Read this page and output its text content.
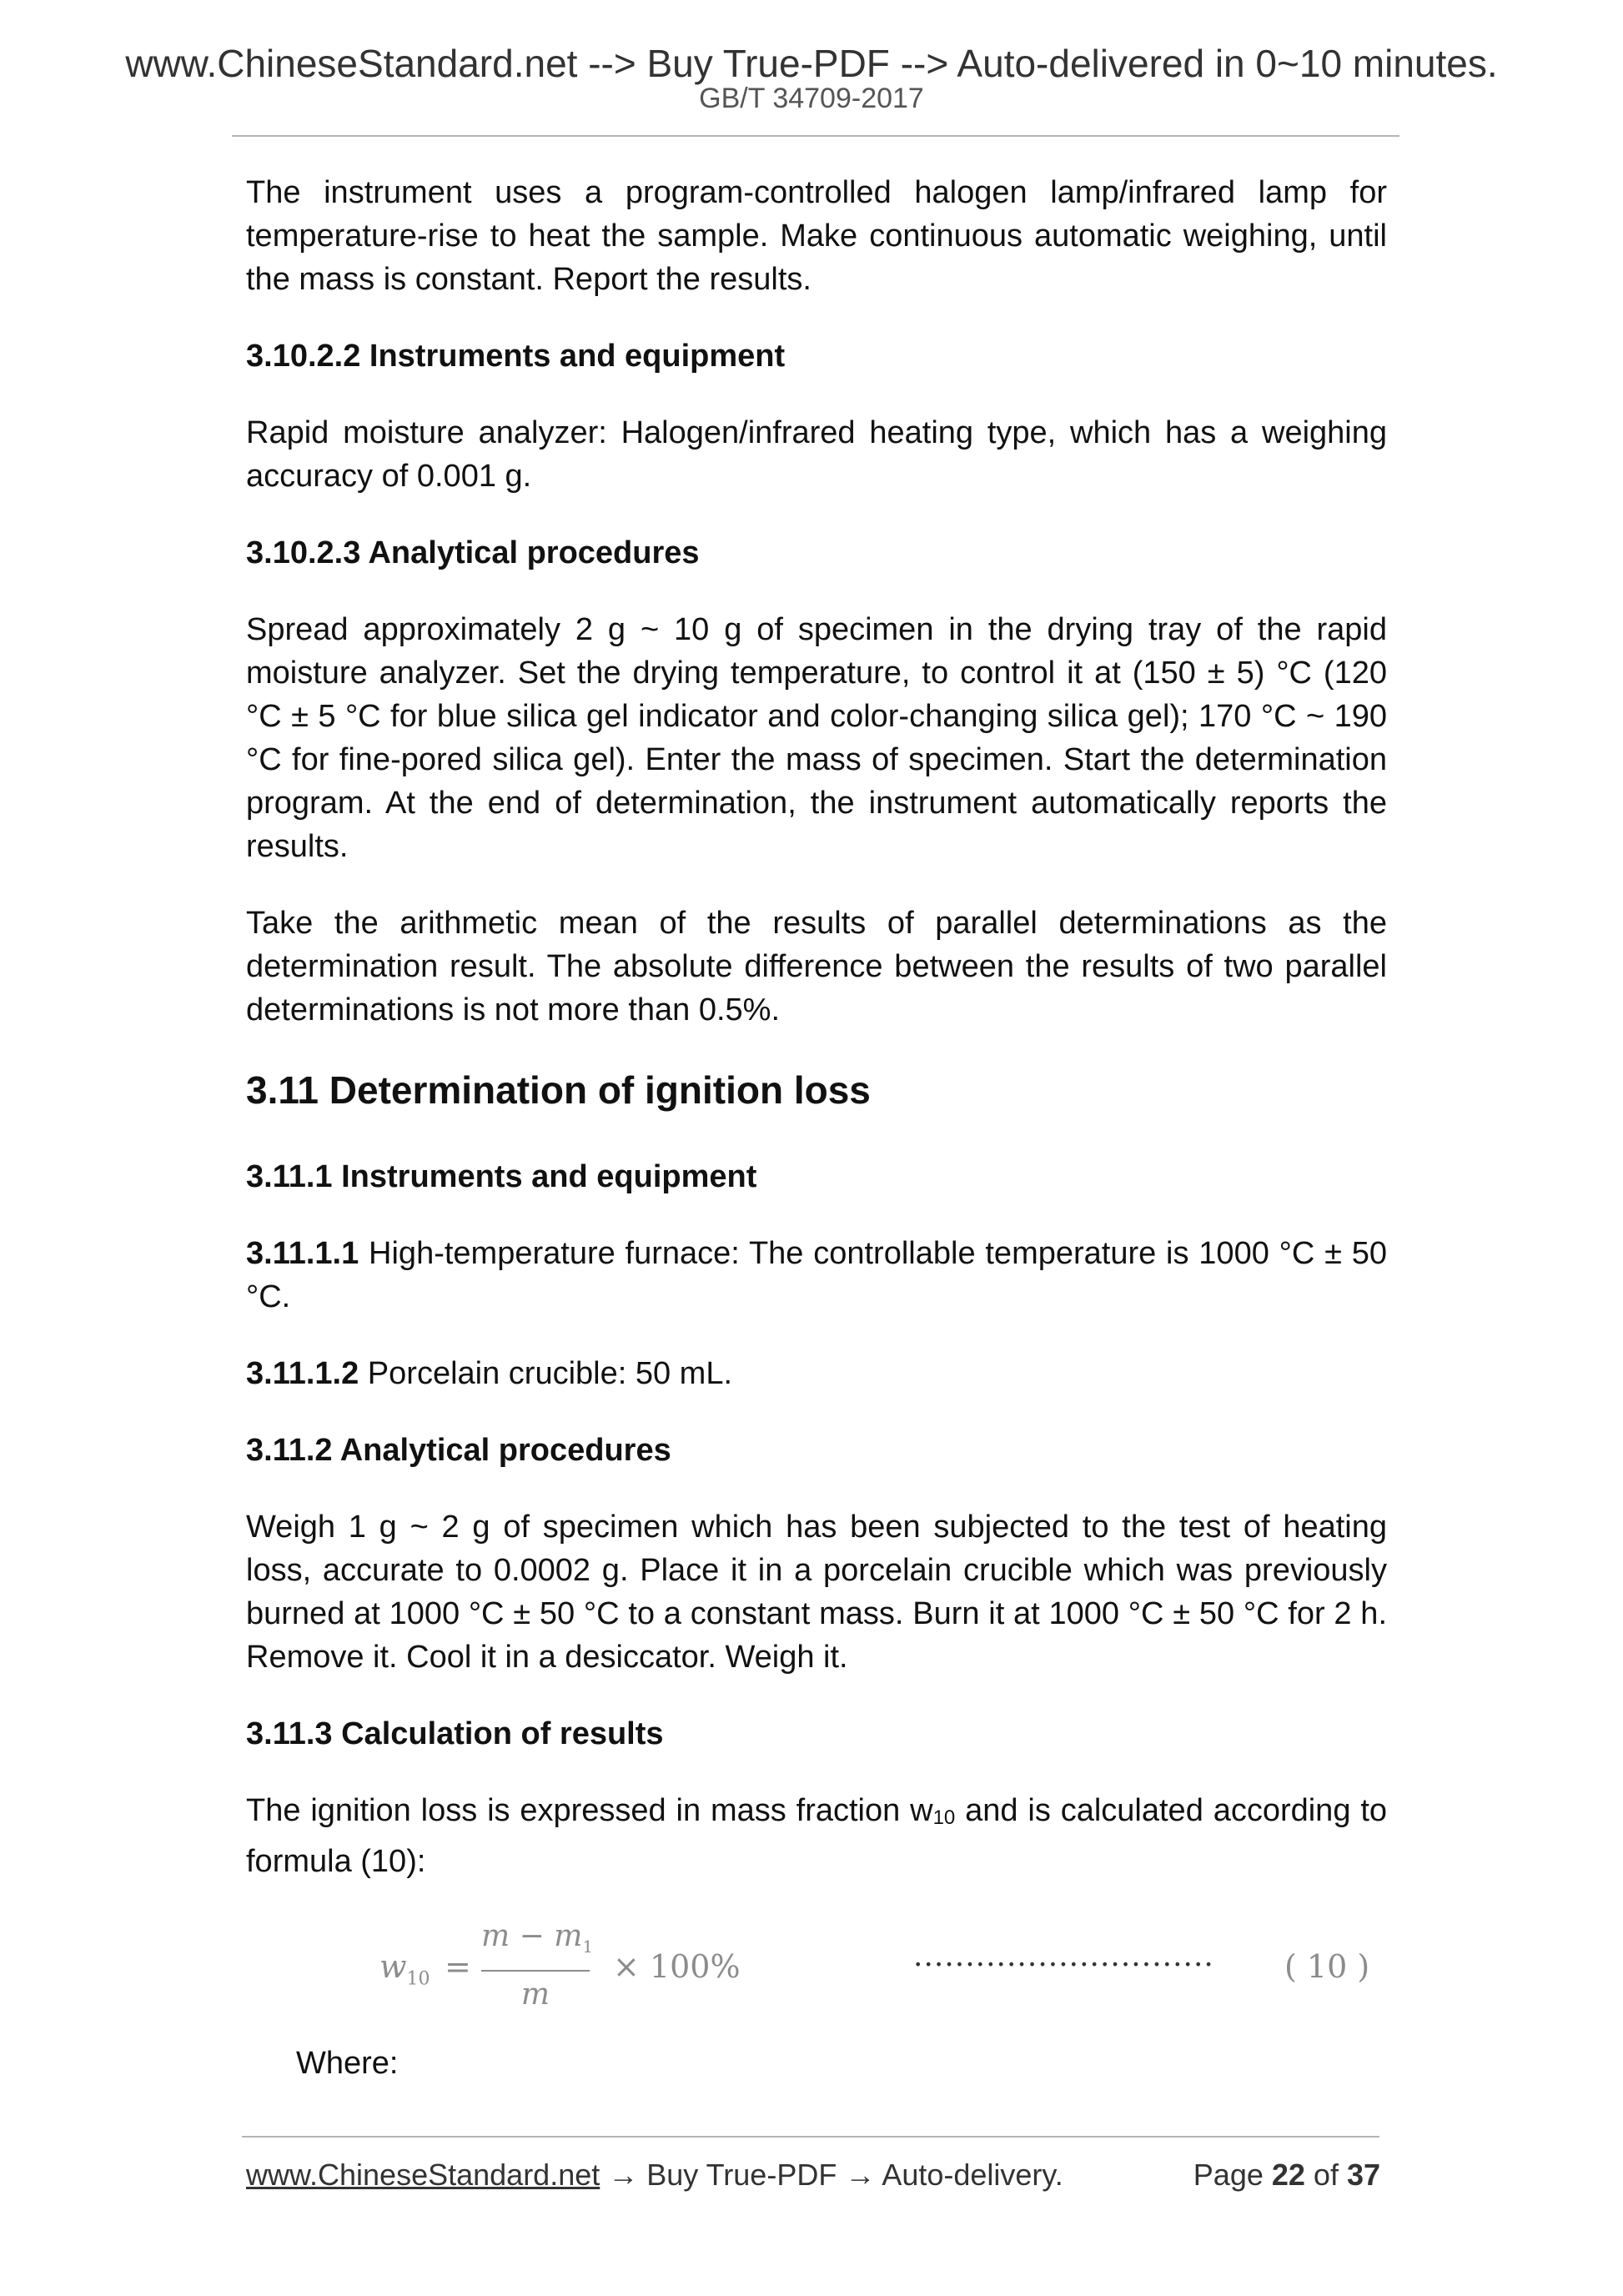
www.ChineseStandard.net --> Buy True-PDF --> Auto-delivered in 0~10 minutes.
GB/T 34709-2017

The instrument uses a program-controlled halogen lamp/infrared lamp for temperature-rise to heat the sample. Make continuous automatic weighing, until the mass is constant. Report the results.

3.10.2.2 Instruments and equipment

Rapid moisture analyzer: Halogen/infrared heating type, which has a weighing accuracy of 0.001 g.

3.10.2.3 Analytical procedures

Spread approximately 2 g ~ 10 g of specimen in the drying tray of the rapid moisture analyzer. Set the drying temperature, to control it at (150 ± 5) °C (120 °C ± 5 °C for blue silica gel indicator and color-changing silica gel); 170 °C ~ 190 °C for fine-pored silica gel). Enter the mass of specimen. Start the determination program. At the end of determination, the instrument automatically reports the results.

Take the arithmetic mean of the results of parallel determinations as the determination result. The absolute difference between the results of two parallel determinations is not more than 0.5%.

3.11 Determination of ignition loss
3.11.1 Instruments and equipment

3.11.1.1 High-temperature furnace: The controllable temperature is 1000 °C ± 50 °C.

3.11.1.2 Porcelain crucible: 50 mL.

3.11.2 Analytical procedures

Weigh 1 g ~ 2 g of specimen which has been subjected to the test of heating loss, accurate to 0.0002 g. Place it in a porcelain crucible which was previously burned at 1000 °C ± 50 °C to a constant mass. Burn it at 1000 °C ± 50 °C for 2 h. Remove it. Cool it in a desiccator. Weigh it.

3.11.3 Calculation of results

The ignition loss is expressed in mass fraction $w_{10}$ and is calculated according to formula (10):

$w_{10}$ =
$m - m_1$
m
× 100%	····························· ( 10 )

Where:

www.ChineseStandard.net → Buy True-PDF → Auto-delivery.	Page 22 of 37
